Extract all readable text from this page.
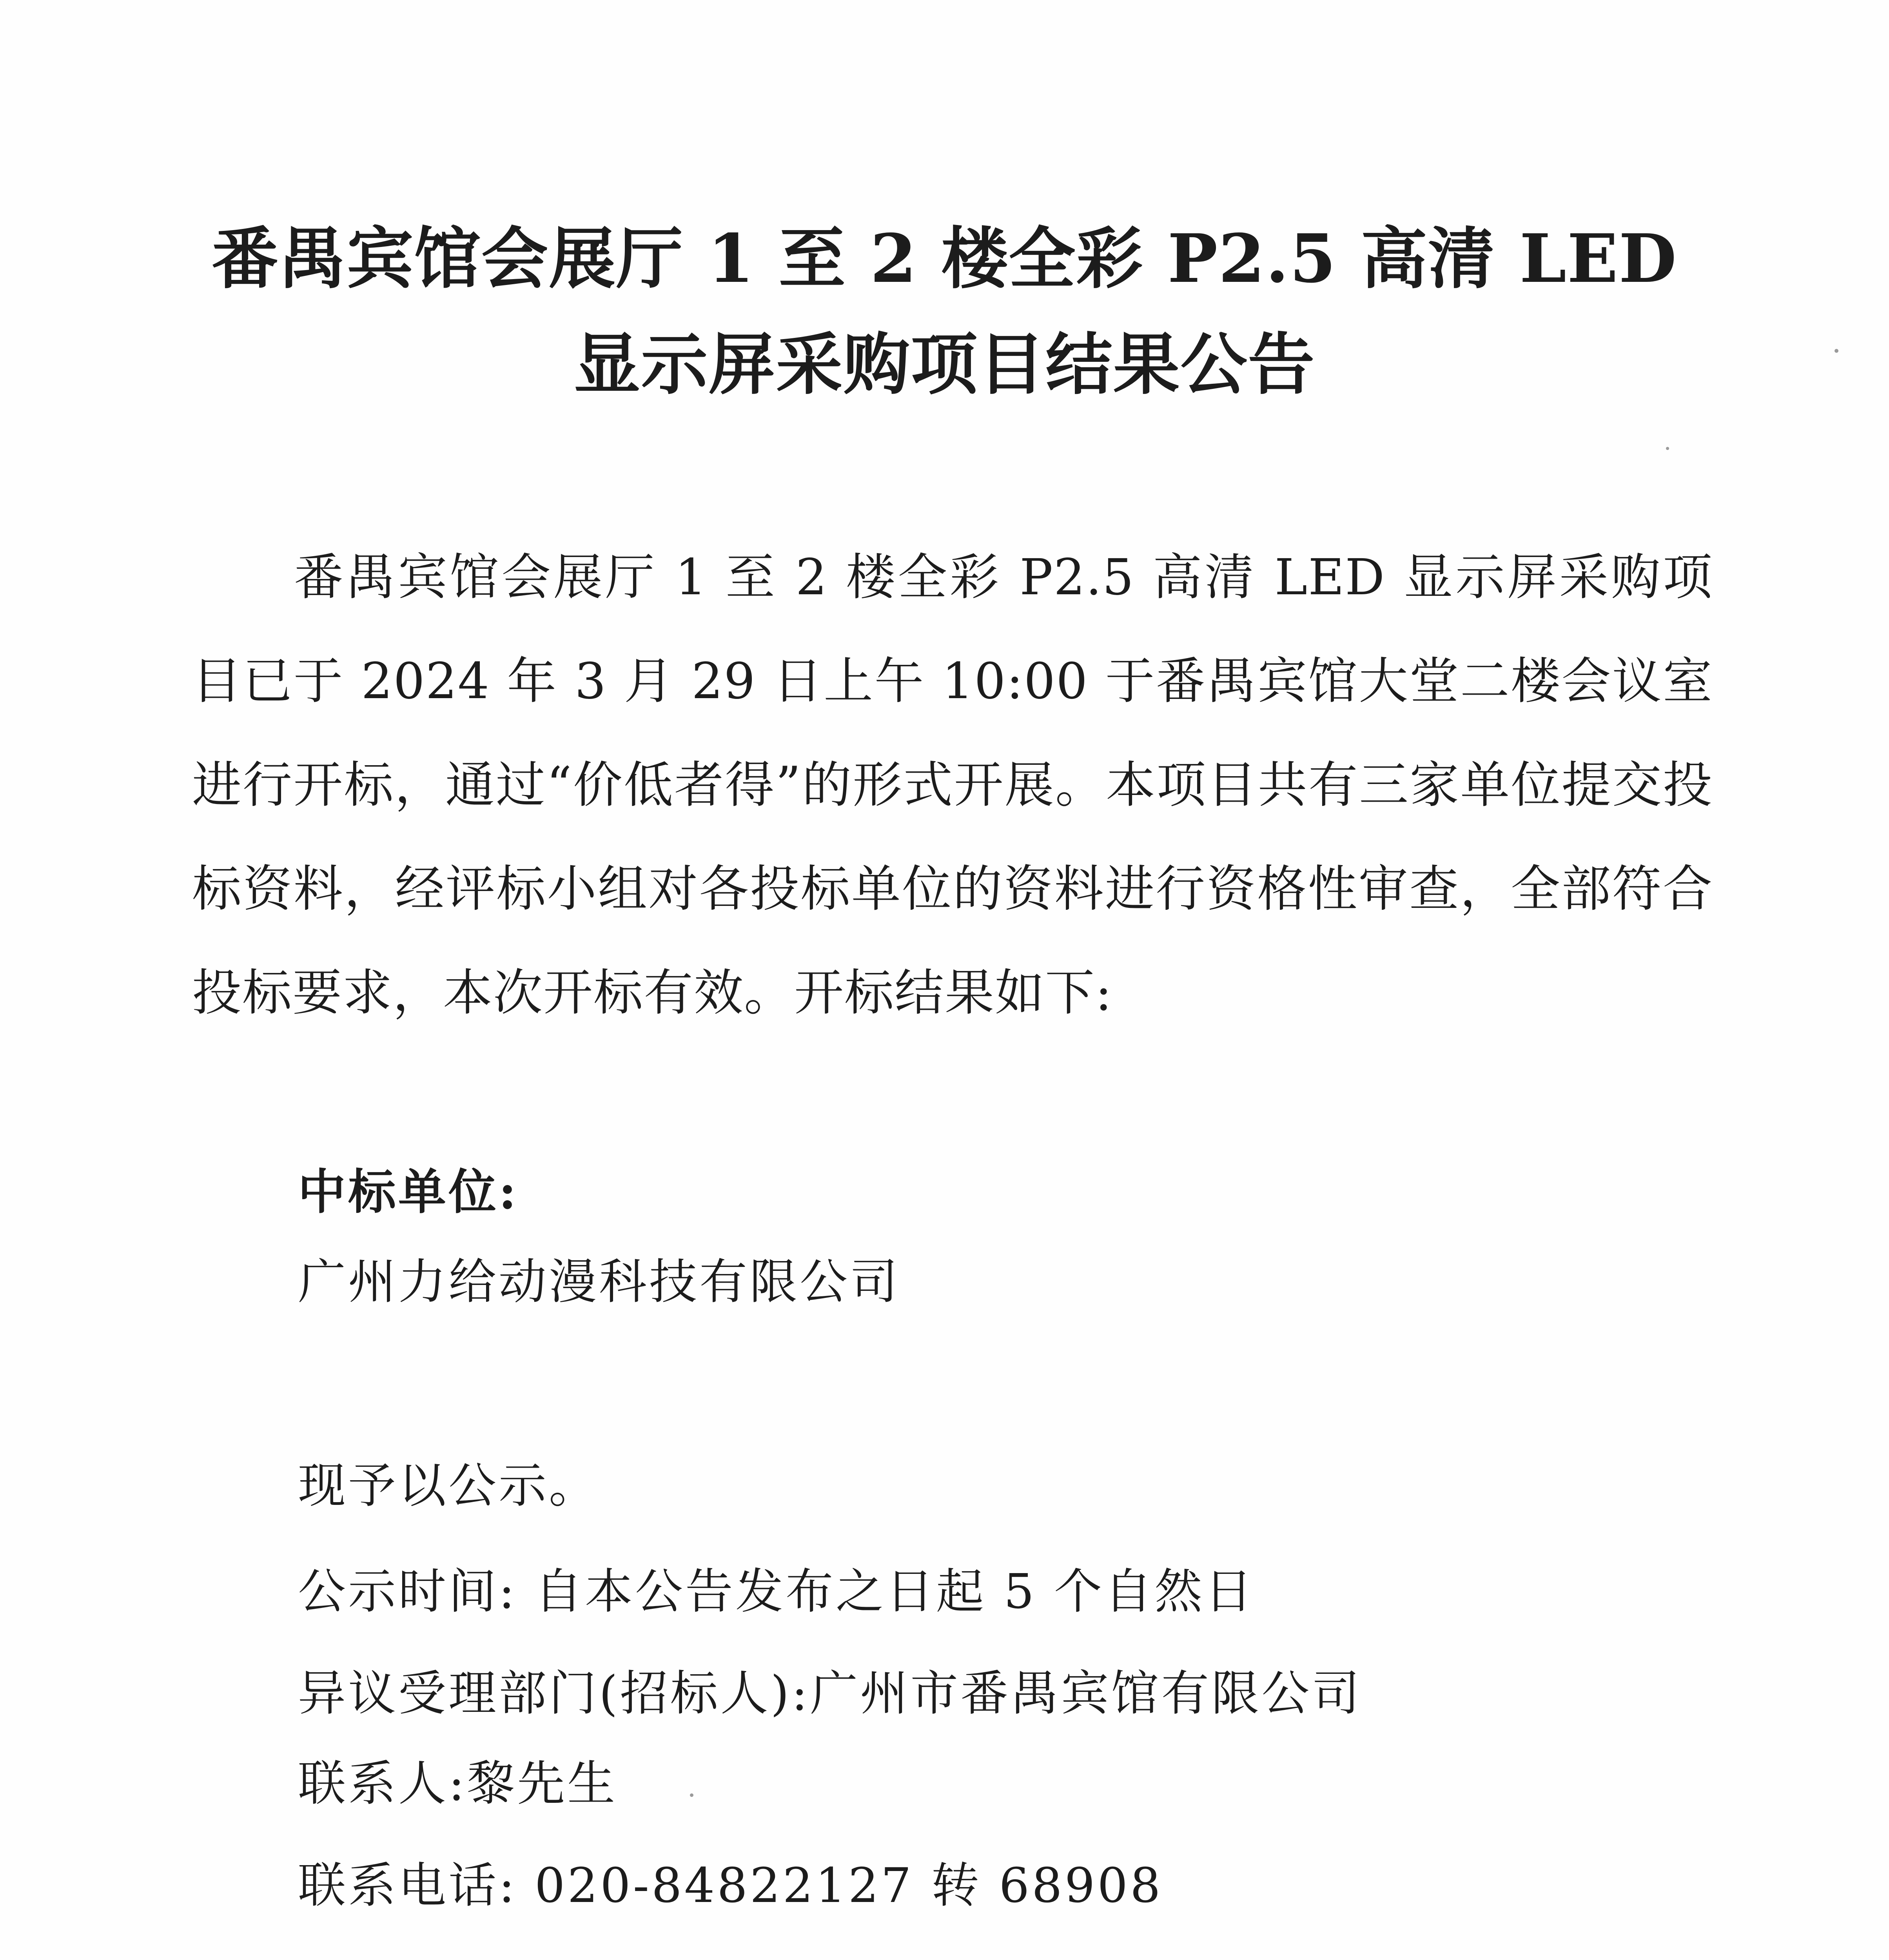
番禺宾馆会展厅 1 至 2 楼全彩 P2.5 高清 LED
显示屏采购项目结果公告
番禺宾馆会展厅 1 至 2 楼全彩 P2.5 高清 LED 显示屏采购项目已于 2024 年 3 月 29 日上午 10:00 于番禺宾馆大堂二楼会议室进行开标，通过“价低者得”的形式开展。本项目共有三家单位提交投标资料，经评标小组对各投标单位的资料进行资格性审查，全部符合投标要求，本次开标有效。开标结果如下:
中标单位:
广州力给动漫科技有限公司
现予以公示。
公示时间: 自本公告发布之日起 5 个自然日
异议受理部门(招标人):广州市番禺宾馆有限公司
联系人:黎先生
联系电话: 020-84822127 转 68908
